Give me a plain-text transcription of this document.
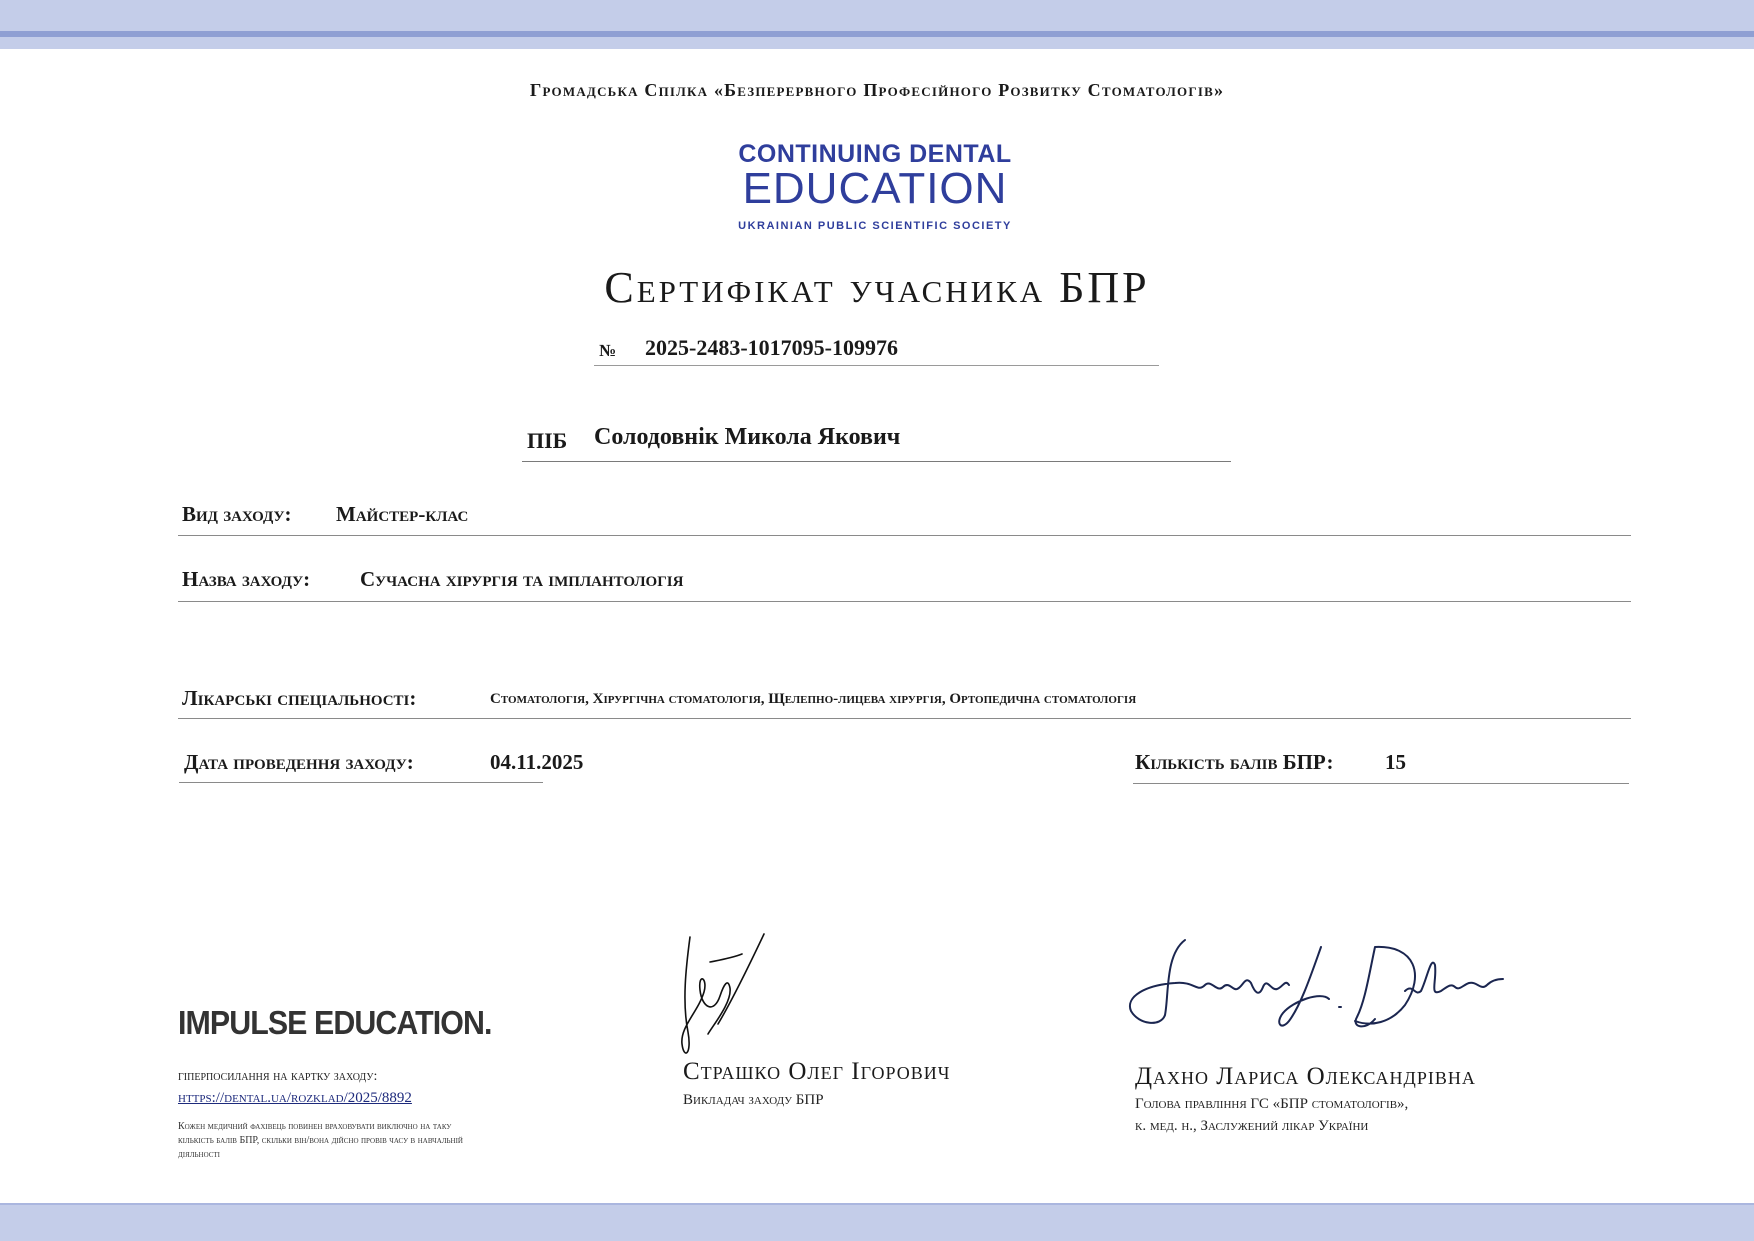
Громадська Спілка «Безперервного Професійного Розвитку Стоматологів»
CONTINUING DENTAL
EDUCATION
UKRAINIAN PUBLIC SCIENTIFIC SOCIETY
Сертифікат учасника БПР
№ 2025-2483-1017095-109976
ПІБ Солодовнік Микола Якович
Вид заходу: Майстер-клас
Назва заходу: Сучасна хірургія та імплантологія
Лікарські спеціальності:	Стоматологія, Хірургічна стоматологія, Щелепно-лицева хірургія, Ортопедична стоматологія
Дата проведення заходу:	04.11.2025	Кількість балів БПР: 15
IMPULSE EDUCATION.
гіперпосилання на картку заходу:
https://dental.ua/rozklad/2025/8892
Кожен медичний фахівець повинен враховувати виключно на таку кількість балів БПР, скільки він/вона дійсно провів часу в навчальній діяльності
Страшко Олег Ігорович
Викладач заходу БПР
Дахно Лариса Олександрівна
Голова правління ГС «БПР стоматологів»,
к. мед. н., Заслужений лікар України
